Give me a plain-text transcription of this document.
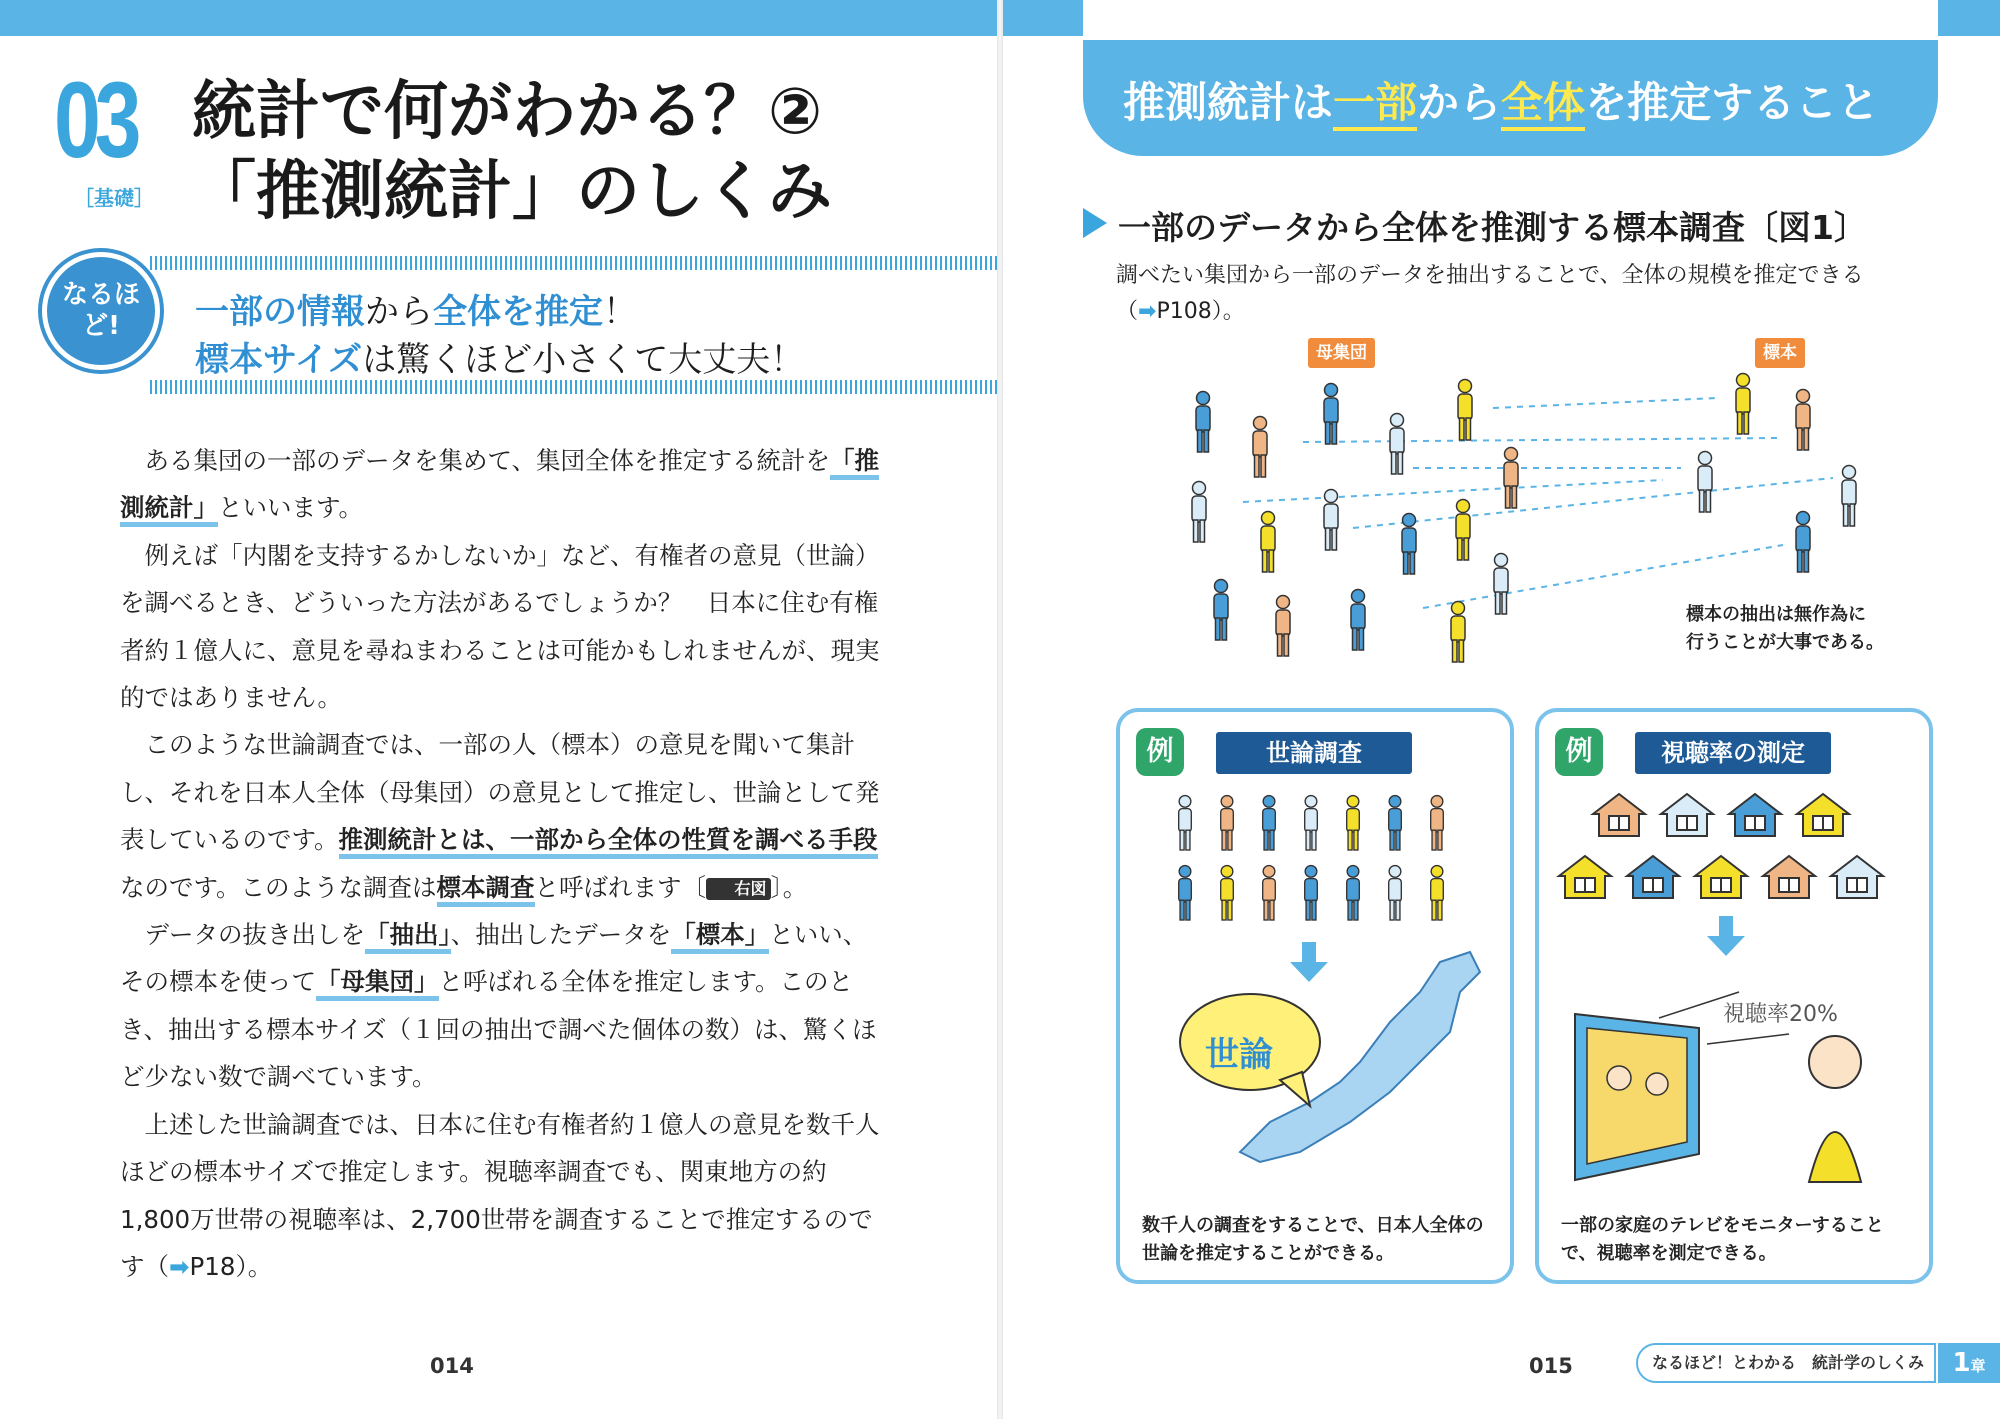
03
［基礎］
統計で何がわかる？②
「推測統計」のしくみ
なるほど!	一部の情報から全体を推定！
標本サイズは驚くほど小さくて大丈夫！

ある集団の一部のデータを集めて、集団全体を推定する統計を「推測統計」といいます。

例えば「内閣を支持するかしないか」など、有権者の意見（世論）を調べるとき、どういった方法があるでしょうか？　日本に住む有権者約１億人に、意見を尋ねまわることは可能かもしれませんが、現実的ではありません。

このような世論調査では、一部の人（標本）の意見を聞いて集計し、それを日本人全体（母集団）の意見として推定し、世論として発表しているのです。推測統計とは、一部から全体の性質を調べる手段なのです。このような調査は標本調査と呼ばれます〔 右図 〕。

データの抜き出しを「抽出」、抽出したデータを「標本」といい、その標本を使って「母集団」と呼ばれる全体を推定します。このとき、抽出する標本サイズ（１回の抽出で調べた個体の数）は、驚くほど少ない数で調べています。

上述した世論調査では、日本に住む有権者約１億人の意見を数千人ほどの標本サイズで推定します。視聴率調査でも、関東地方の約1,800万世帯の視聴率は、2,700世帯を調査することで推定するのです（➡P18）。

014
推測統計は一部から全体を推定すること
一部のデータから全体を推測する標本調査〔図1〕
調べたい集団から一部のデータを抽出することで、全体の規模を推定できる（➡P108）。
母集団	標本
標本の抽出は無作為に
行うことが大事である。
例	世論調査
世論
数千人の調査をすることで、日本人全体の世論を推定することができる。
例	視聴率の測定
視聴率20%
一部の家庭のテレビをモニターすることで、視聴率を測定できる。
015	なるほど！とわかる　統計学のしくみ	1章
